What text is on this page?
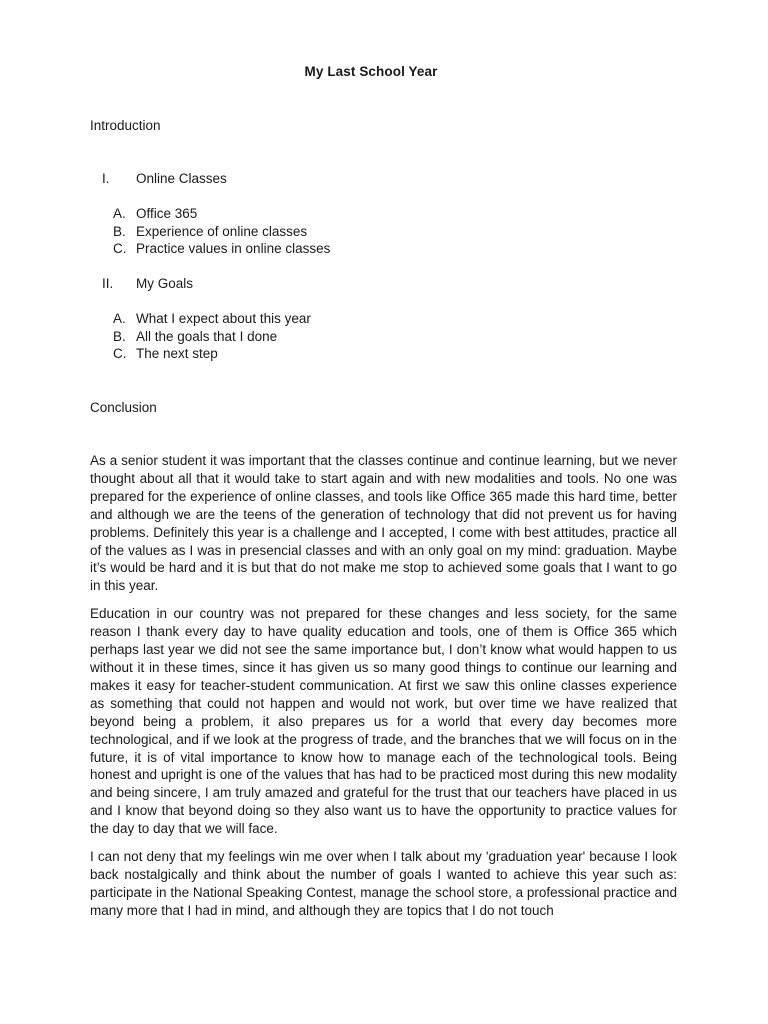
My Last School Year
Introduction
I.	Online Classes
A. Office 365
B. Experience of online classes
C. Practice values in online classes
II.	My Goals
A. What I expect about this year
B. All the goals that I done
C. The next step
Conclusion

As a senior student it was important that the classes continue and continue learning, but we never thought about all that it would take to start again and with new modalities and tools. No one was prepared for the experience of online classes, and tools like Office 365 made this hard time, better and although we are the teens of the generation of technology that did not prevent us for having problems. Definitely this year is a challenge and I accepted, I come with best attitudes, practice all of the values as I was in presencial classes and with an only goal on my mind: graduation. Maybe it’s would be hard and it is but that do not make me stop to achieved some goals that I want to go in this year.

Education in our country was not prepared for these changes and less society, for the same reason I thank every day to have quality education and tools, one of them is Office 365 which perhaps last year we did not see the same importance but, I don’t know what would happen to us without it in these times, since it has given us so many good things to continue our learning and makes it easy for teacher-student communication. At first we saw this online classes experience as something that could not happen and would not work, but over time we have realized that beyond being a problem, it also prepares us for a world that every day becomes more technological, and if we look at the progress of trade, and the branches that we will focus on in the future, it is of vital importance to know how to manage each of the technological tools. Being honest and upright is one of the values that has had to be practiced most during this new modality and being sincere, I am truly amazed and grateful for the trust that our teachers have placed in us and I know that beyond doing so they also want us to have the opportunity to practice values for the day to day that we will face.

I can not deny that my feelings win me over when I talk about my 'graduation year' because I look back nostalgically and think about the number of goals I wanted to achieve this year such as: participate in the National Speaking Contest, manage the school store, a professional practice and many more that I had in mind, and although they are topics that I do not touch
